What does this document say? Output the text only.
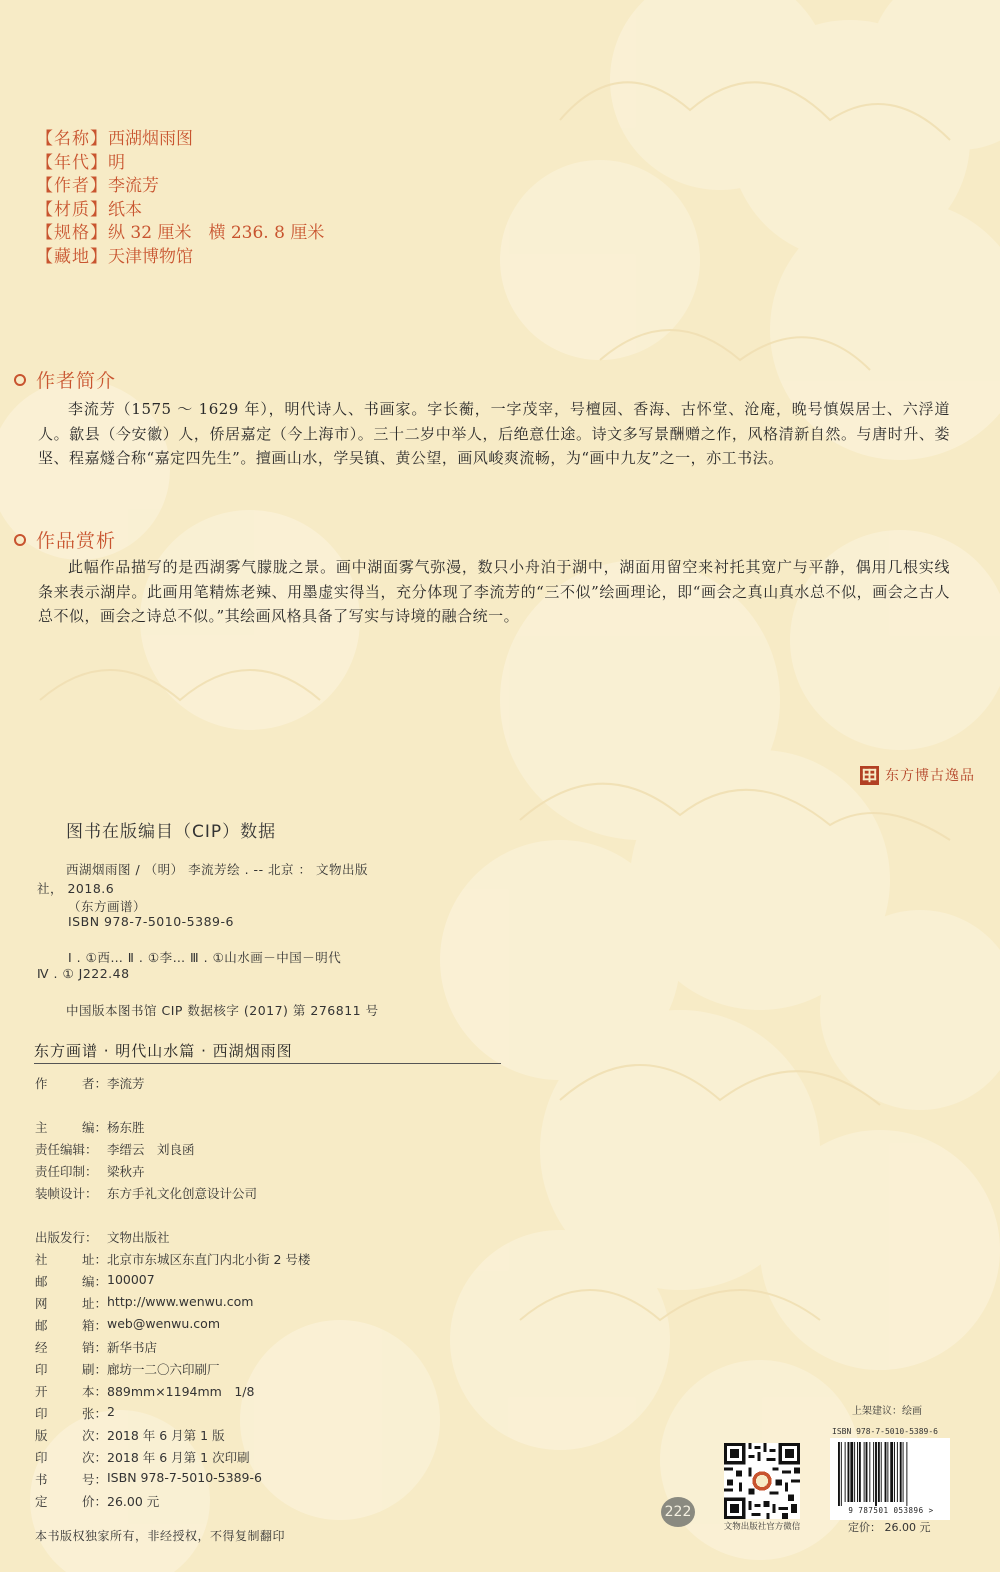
【名称】西湖烟雨图
【年代】明
【作者】李流芳
【材质】纸本
【规格】纵 32 厘米　横 236. 8 厘米
【藏地】天津博物馆
作者简介
李流芳（1575 ～ 1629 年），明代诗人、书画家。字长蘅，一字茂宰，号檀园、香海、古怀堂、沧庵，晚号慎娱居士、六浮道人。歙县（今安徽）人，侨居嘉定（今上海市）。三十二岁中举人，后绝意仕途。诗文多写景酬赠之作，风格清新自然。与唐时升、娄坚、程嘉燧合称“嘉定四先生”。擅画山水，学吴镇、黄公望，画风峻爽流畅，为“画中九友”之一，亦工书法。
作品赏析
此幅作品描写的是西湖雾气朦胧之景。画中湖面雾气弥漫，数只小舟泊于湖中，湖面用留空来衬托其宽广与平静，偶用几根实线条来表示湖岸。此画用笔精炼老辣、用墨虚实得当，充分体现了李流芳的“三不似”绘画理论，即“画会之真山真水总不似，画会之古人总不似，画会之诗总不似。”其绘画风格具备了写实与诗境的融合统一。
东方博古逸品
图书在版编目（CIP）数据
西湖烟雨图 / （明） 李流芳绘 . -- 北京 ： 文物出版
社， 2018.6
（东方画谱）
ISBN 978-7-5010-5389-6
Ⅰ . ①西… Ⅱ . ①李… Ⅲ . ①山水画－中国－明代
Ⅳ . ① J222.48
中国版本图书馆 CIP 数据核字 (2017) 第 276811 号
东方画谱 · 明代山水篇 · 西湖烟雨图
作	者： 李流芳
主	编： 杨东胜
责任编辑： 李缙云　刘良函
责任印制： 梁秋卉
装帧设计： 东方手礼文化创意设计公司
出版发行： 文物出版社
社	址： 北京市东城区东直门内北小街 2 号楼
邮	编： 100007
网	址： http://www.wenwu.com
邮	箱： web@wenwu.com
经	销： 新华书店
印	刷： 廊坊一二〇六印刷厂
开	本： 889mm×1194mm　1/8
印	张： 2
版	次： 2018 年 6 月第 1 版
印	次： 2018 年 6 月第 1 次印刷
书	号： ISBN 978-7-5010-5389-6
定	价： 26.00 元
本书版权独家所有，非经授权，不得复制翻印
222
文物出版社官方微信
上架建议：绘画
ISBN 978-7-5010-5389-6
9 787501 053896 >
定价： 26.00 元
